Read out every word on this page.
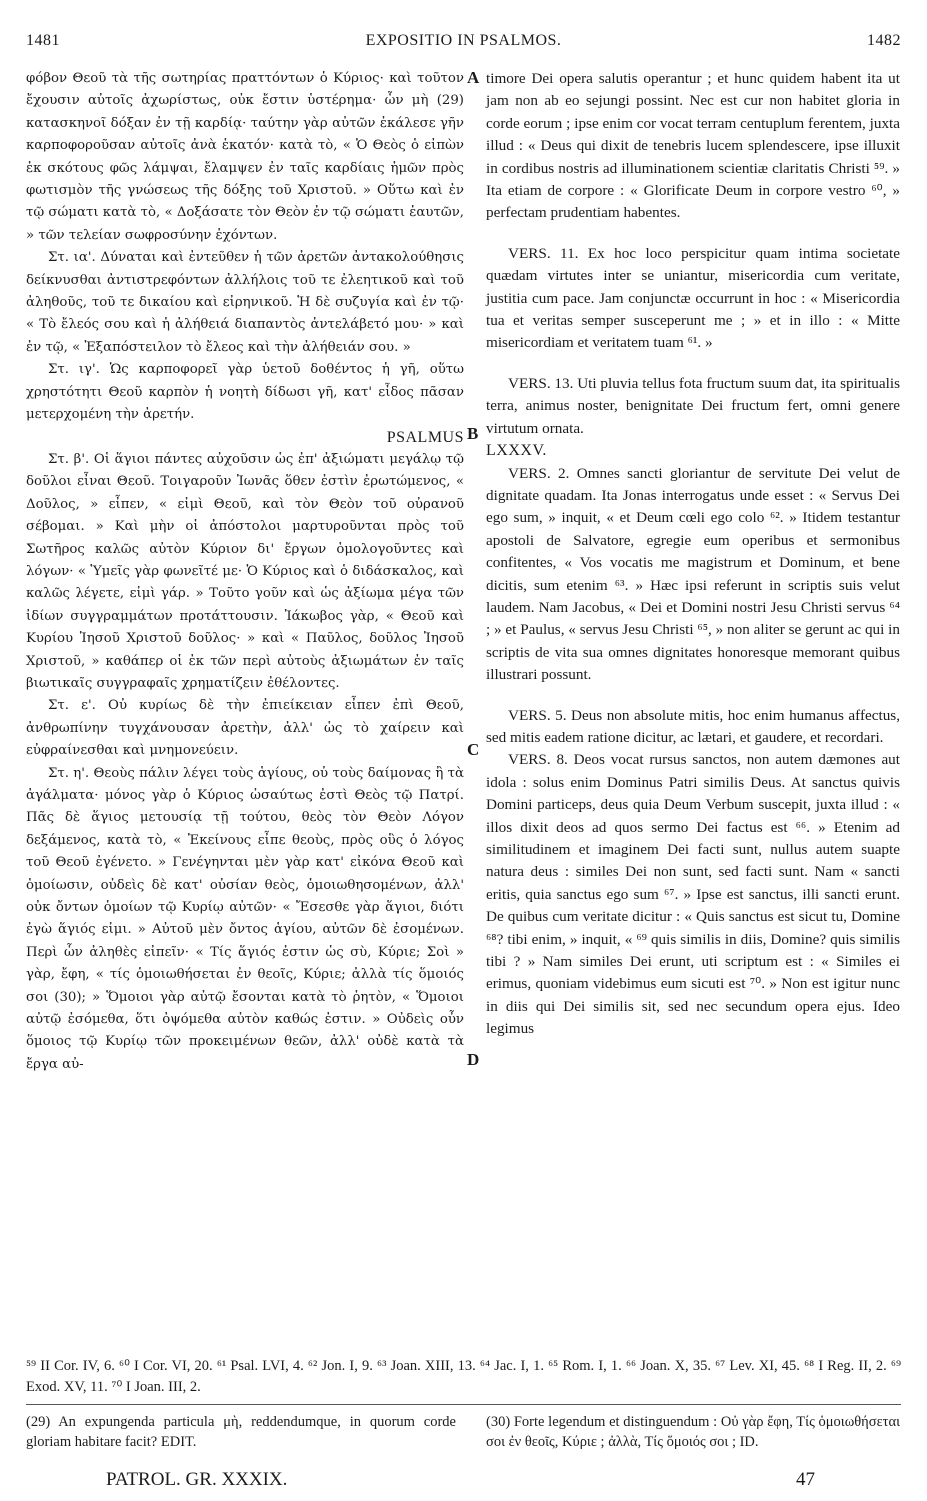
1481	EXPOSITIO IN PSALMOS.	1482

φόβον Θεοῦ τὰ τῆς σωτηρίας πραττόντων ὁ Κύριος· καὶ τοῦτον ἔχουσιν αὐτοῖς ἀχωρίστως, οὐκ ἔστιν ὑστέρημα· ὧν μὴ (29) κατασκηνοῖ δόξαν ἐν τῇ καρδίᾳ· ταύτην γὰρ αὐτῶν ἐκάλεσε γῆν καρποφοροῦσαν αὐτοῖς ἀνὰ ἑκατόν· κατὰ τὸ, « Ὁ Θεὸς ὁ εἰπὼν ἐκ σκότους φῶς λάμψαι, ἔλαμψεν ἐν ταῖς καρδίαις ἡμῶν πρὸς φωτισμὸν τῆς γνώσεως τῆς δόξης τοῦ Χριστοῦ. » Οὕτω καὶ ἐν τῷ σώματι κατὰ τὸ, « Δοξάσατε τὸν Θεὸν ἐν τῷ σώματι ἑαυτῶν, » τῶν τελείαν σωφροσύνην ἐχόντων.

Στ. ια'. Δύναται καὶ ἐντεῦθεν ἡ τῶν ἀρετῶν ἀντακολούθησις δείκνυσθαι ἀντιστρεφόντων ἀλλήλοις τοῦ τε ἐλεητικοῦ καὶ τοῦ ἀληθοῦς, τοῦ τε δικαίου καὶ εἰρηνικοῦ. Ἡ δὲ συζυγία καὶ ἐν τῷ· « Τὸ ἔλεός σου καὶ ἡ ἀλήθειά διαπαντὸς ἀντελάβετό μου· » καὶ ἐν τῷ, « Ἐξαπόστειλον τὸ ἔλεος καὶ τὴν ἀλήθειάν σου. »

Στ. ιγ'. Ὡς καρποφορεῖ γὰρ ὑετοῦ δοθέντος ἡ γῆ, οὕτω χρηστότητι Θεοῦ καρπὸν ἡ νοητὴ δίδωσι γῆ, κατ' εἶδος πᾶσαν μετερχομένη τὴν ἀρετήν.

PSALMUS

Στ. β'. Οἱ ἅγιοι πάντες αὐχοῦσιν ὡς ἐπ' ἀξιώματι μεγάλῳ τῷ δοῦλοι εἶναι Θεοῦ. Τοιγαροῦν Ἰωνᾶς ὅθεν ἐστὶν ἐρωτώμενος, « Δοῦλος, » εἶπεν, « εἰμὶ Θεοῦ, καὶ τὸν Θεὸν τοῦ οὐρανοῦ σέβομαι. » Καὶ μὴν οἱ ἀπόστολοι μαρτυροῦνται πρὸς τοῦ Σωτῆρος καλῶς αὐτὸν Κύριον δι' ἔργων ὁμολογοῦντες καὶ λόγων· « Ὑμεῖς γὰρ φωνεῖτέ με· Ὁ Κύριος καὶ ὁ διδάσκαλος, καὶ καλῶς λέγετε, εἰμὶ γάρ. » Τοῦτο γοῦν καὶ ὡς ἀξίωμα μέγα τῶν ἰδίων συγγραμμάτων προτάττουσιν. Ἰάκωβος γὰρ, « Θεοῦ καὶ Κυρίου Ἰησοῦ Χριστοῦ δοῦλος· » καὶ « Παῦλος, δοῦλος Ἰησοῦ Χριστοῦ, » καθάπερ οἱ ἐκ τῶν περὶ αὐτοὺς ἀξιωμάτων ἐν ταῖς βιωτικαῖς συγγραφαῖς χρηματίζειν ἐθέλοντες.

Στ. ε'. Οὐ κυρίως δὲ τὴν ἐπιείκειαν εἶπεν ἐπὶ Θεοῦ, ἀνθρωπίνην τυγχάνουσαν ἀρετὴν, ἀλλ' ὡς τὸ χαίρειν καὶ εὐφραίνεσθαι καὶ μνημονεύειν.

Στ. η'. Θεοὺς πάλιν λέγει τοὺς ἁγίους, οὐ τοὺς δαίμονας ἢ τὰ ἀγάλματα· μόνος γὰρ ὁ Κύριος ὡσαύτως ἐστὶ Θεὸς τῷ Πατρί. Πᾶς δὲ ἅγιος μετουσίᾳ τῇ τούτου, θεὸς τὸν Θεὸν Λόγον δεξάμενος, κατὰ τὸ, « Ἐκείνους εἶπε θεοὺς, πρὸς οὓς ὁ λόγος τοῦ Θεοῦ ἐγένετο. » Γενέγηνται μὲν γὰρ κατ' εἰκόνα Θεοῦ καὶ ὁμοίωσιν, οὐδεὶς δὲ κατ' οὐσίαν θεὸς, ὁμοιωθησομένων, ἀλλ' οὐκ ὄντων ὁμοίων τῷ Κυρίῳ αὐτῶν· « Ἔσεσθε γὰρ ἅγιοι, διότι ἐγὼ ἅγιός εἰμι. » Αὐτοῦ μὲν ὄντος ἁγίου, αὐτῶν δὲ ἐσομένων. Περὶ ὧν ἀληθὲς εἰπεῖν· « Τίς ἅγιός ἐστιν ὡς σὺ, Κύριε; Σοὶ » γὰρ, ἔφη, « τίς ὁμοιωθήσεται ἐν θεοῖς, Κύριε; ἀλλὰ τίς ὅμοιός σοι (30); » Ὅμοιοι γὰρ αὐτῷ ἔσονται κατὰ τὸ ῥητὸν, « Ὅμοιοι αὐτῷ ἐσόμεθα, ὅτι ὀψόμεθα αὐτὸν καθώς ἐστιν. » Οὐδεὶς οὖν ὅμοιος τῷ Κυρίῳ τῶν προκειμένων θεῶν, ἀλλ' οὐδὲ κατὰ τὰ ἔργα αὐ-

timore Dei opera salutis operantur ; et hunc quidem habent ita ut jam non ab eo sejungi possint. Nec est cur non habitet gloria in corde eorum ; ipse enim cor vocat terram centuplum ferentem, juxta illud : « Deus qui dixit de tenebris lucem splendescere, ipse illuxit in cordibus nostris ad illuminationem scientiæ claritatis Christi ⁵⁹. » Ita etiam de corpore : « Glorificate Deum in corpore vestro ⁶⁰, » perfectam prudentiam habentes.

VERS. 11. Ex hoc loco perspicitur quam intima societate quædam virtutes inter se uniantur, misericordia cum veritate, justitia cum pace. Jam conjunctæ occurrunt in hoc : « Misericordia tua et veritas semper susceperunt me ; » et in illo : « Mitte misericordiam et veritatem tuam ⁶¹. »

VERS. 13. Uti pluvia tellus fota fructum suum dat, ita spiritualis terra, animus noster, benignitate Dei fructum fert, omni genere virtutum ornata.

LXXXV.

VERS. 2. Omnes sancti gloriantur de servitute Dei velut de dignitate quadam. Ita Jonas interrogatus unde esset : « Servus Dei ego sum, » inquit, « et Deum cœli ego colo ⁶². » Itidem testantur apostoli de Salvatore, egregie eum operibus et sermonibus confitentes, « Vos vocatis me magistrum et Dominum, et bene dicitis, sum etenim ⁶³. » Hæc ipsi referunt in scriptis suis velut laudem. Nam Jacobus, « Dei et Domini nostri Jesu Christi servus ⁶⁴ ; » et Paulus, « servus Jesu Christi ⁶⁵, » non aliter se gerunt ac qui in scriptis de vita sua omnes dignitates honoresque memorant quibus illustrari possunt.

VERS. 5. Deus non absolute mitis, hoc enim humanus affectus, sed mitis eadem ratione dicitur, ac lætari, et gaudere, et recordari.

VERS. 8. Deos vocat rursus sanctos, non autem dæmones aut idola : solus enim Dominus Patri similis Deus. At sanctus quivis Domini particeps, deus quia Deum Verbum suscepit, juxta illud : « illos dixit deos ad quos sermo Dei factus est ⁶⁶. » Etenim ad similitudinem et imaginem Dei facti sunt, nullus autem suapte natura deus : similes Dei non sunt, sed facti sunt. Nam « sancti eritis, quia sanctus ego sum ⁶⁷. » Ipse est sanctus, illi sancti erunt. De quibus cum veritate dicitur : « Quis sanctus est sicut tu, Domine ⁶⁸? tibi enim, » inquit, « ⁶⁹ quis similis in diis, Domine? quis similis tibi ? » Nam similes Dei erunt, uti scriptum est : « Similes ei erimus, quoniam videbimus eum sicuti est ⁷⁰. » Non est igitur nunc in diis qui Dei similis sit, sed nec secundum opera ejus. Ideo legimus

A
B
C
D

⁵⁹ II Cor. IV, 6. ⁶⁰ I Cor. VI, 20. ⁶¹ Psal. LVI, 4. ⁶² Jon. I, 9. ⁶³ Joan. XIII, 13. ⁶⁴ Jac. I, 1. ⁶⁵ Rom. I, 1. ⁶⁶ Joan. X, 35. ⁶⁷ Lev. XI, 45. ⁶⁸ I Reg. II, 2. ⁶⁹ Exod. XV, 11. ⁷⁰ I Joan. III, 2.

(29) An expungenda particula μὴ, reddendumque, in quorum corde gloriam habitare facit? EDIT.
(30) Forte legendum et distinguendum : Οὐ γὰρ ἔφη, Τίς ὁμοιωθήσεται σοι ἐν θεοῖς, Κύριε ; ἀλλὰ, Τίς ὅμοιός σοι ; ID.
PATROL. GR. XXXIX.	47
